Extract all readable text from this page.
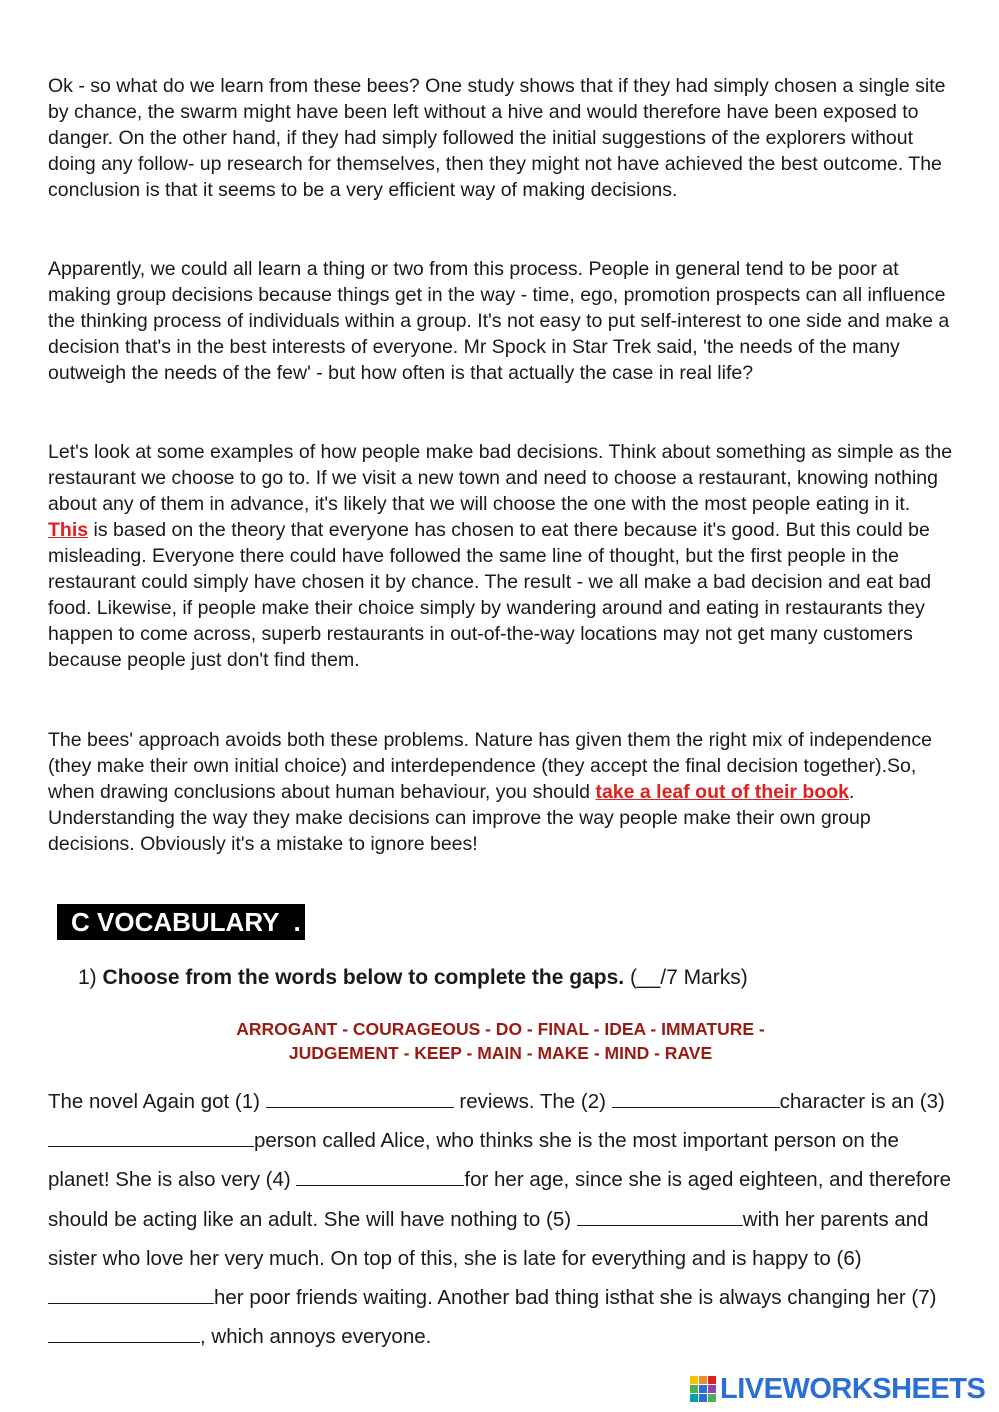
Ok - so what do we learn from these bees? One study shows that if they had simply chosen a single site by chance, the swarm might have been left without a hive and would therefore have been exposed to danger. On the other hand, if they had simply followed the initial suggestions of the explorers without doing any follow- up research for themselves, then they might not have achieved the best outcome. The conclusion is that it seems to be a very efficient way of making decisions.

Apparently, we could all learn a thing or two from this process. People in general tend to be poor at making group decisions because things get in the way - time, ego, promotion prospects can all influence the thinking process of individuals within a group. It's not easy to put self-interest to one side and make a decision that's in the best interests of everyone. Mr Spock in Star Trek said, 'the needs of the many outweigh the needs of the few' - but how often is that actually the case in real life?

Let's look at some examples of how people make bad decisions. Think about something as simple as the restaurant we choose to go to. If we visit a new town and need to choose a restaurant, knowing nothing about any of them in advance, it's likely that we will choose the one with the most people eating in it. This is based on the theory that everyone has chosen to eat there because it's good. But this could be misleading. Everyone there could have followed the same line of thought, but the first people in the restaurant could simply have chosen it by chance. The result - we all make a bad decision and eat bad food. Likewise, if people make their choice simply by wandering around and eating in restaurants they happen to come across, superb restaurants in out-of-the-way locations may not get many customers because people just don't find them.

The bees' approach avoids both these problems. Nature has given them the right mix of independence (they make their own initial choice) and interdependence (they accept the final decision together).So, when drawing conclusions about human behaviour, you should take a leaf out of their book. Understanding the way they make decisions can improve the way people make their own group decisions. Obviously it's a mistake to ignore bees!

C VOCABULARY  .
1) Choose from the words below to complete the gaps. (__/7 Marks)
ARROGANT - COURAGEOUS - DO - FINAL - IDEA - IMMATURE -
JUDGEMENT - KEEP - MAIN - MAKE - MIND - RAVE

The novel Again got (1)	reviews. The (2)	character is an (3) person called Alice, who thinks she is the most important person on the planet! She is also very (4)	for her age, since she is aged eighteen, and therefore should be acting like an adult. She will have nothing to (5)	with her parents and sister who love her very much. On top of this, she is late for everything and is happy to (6) her poor friends waiting. Another bad thing isthat she is always changing her (7) , which annoys everyone.

LIVEWORKSHEETS
